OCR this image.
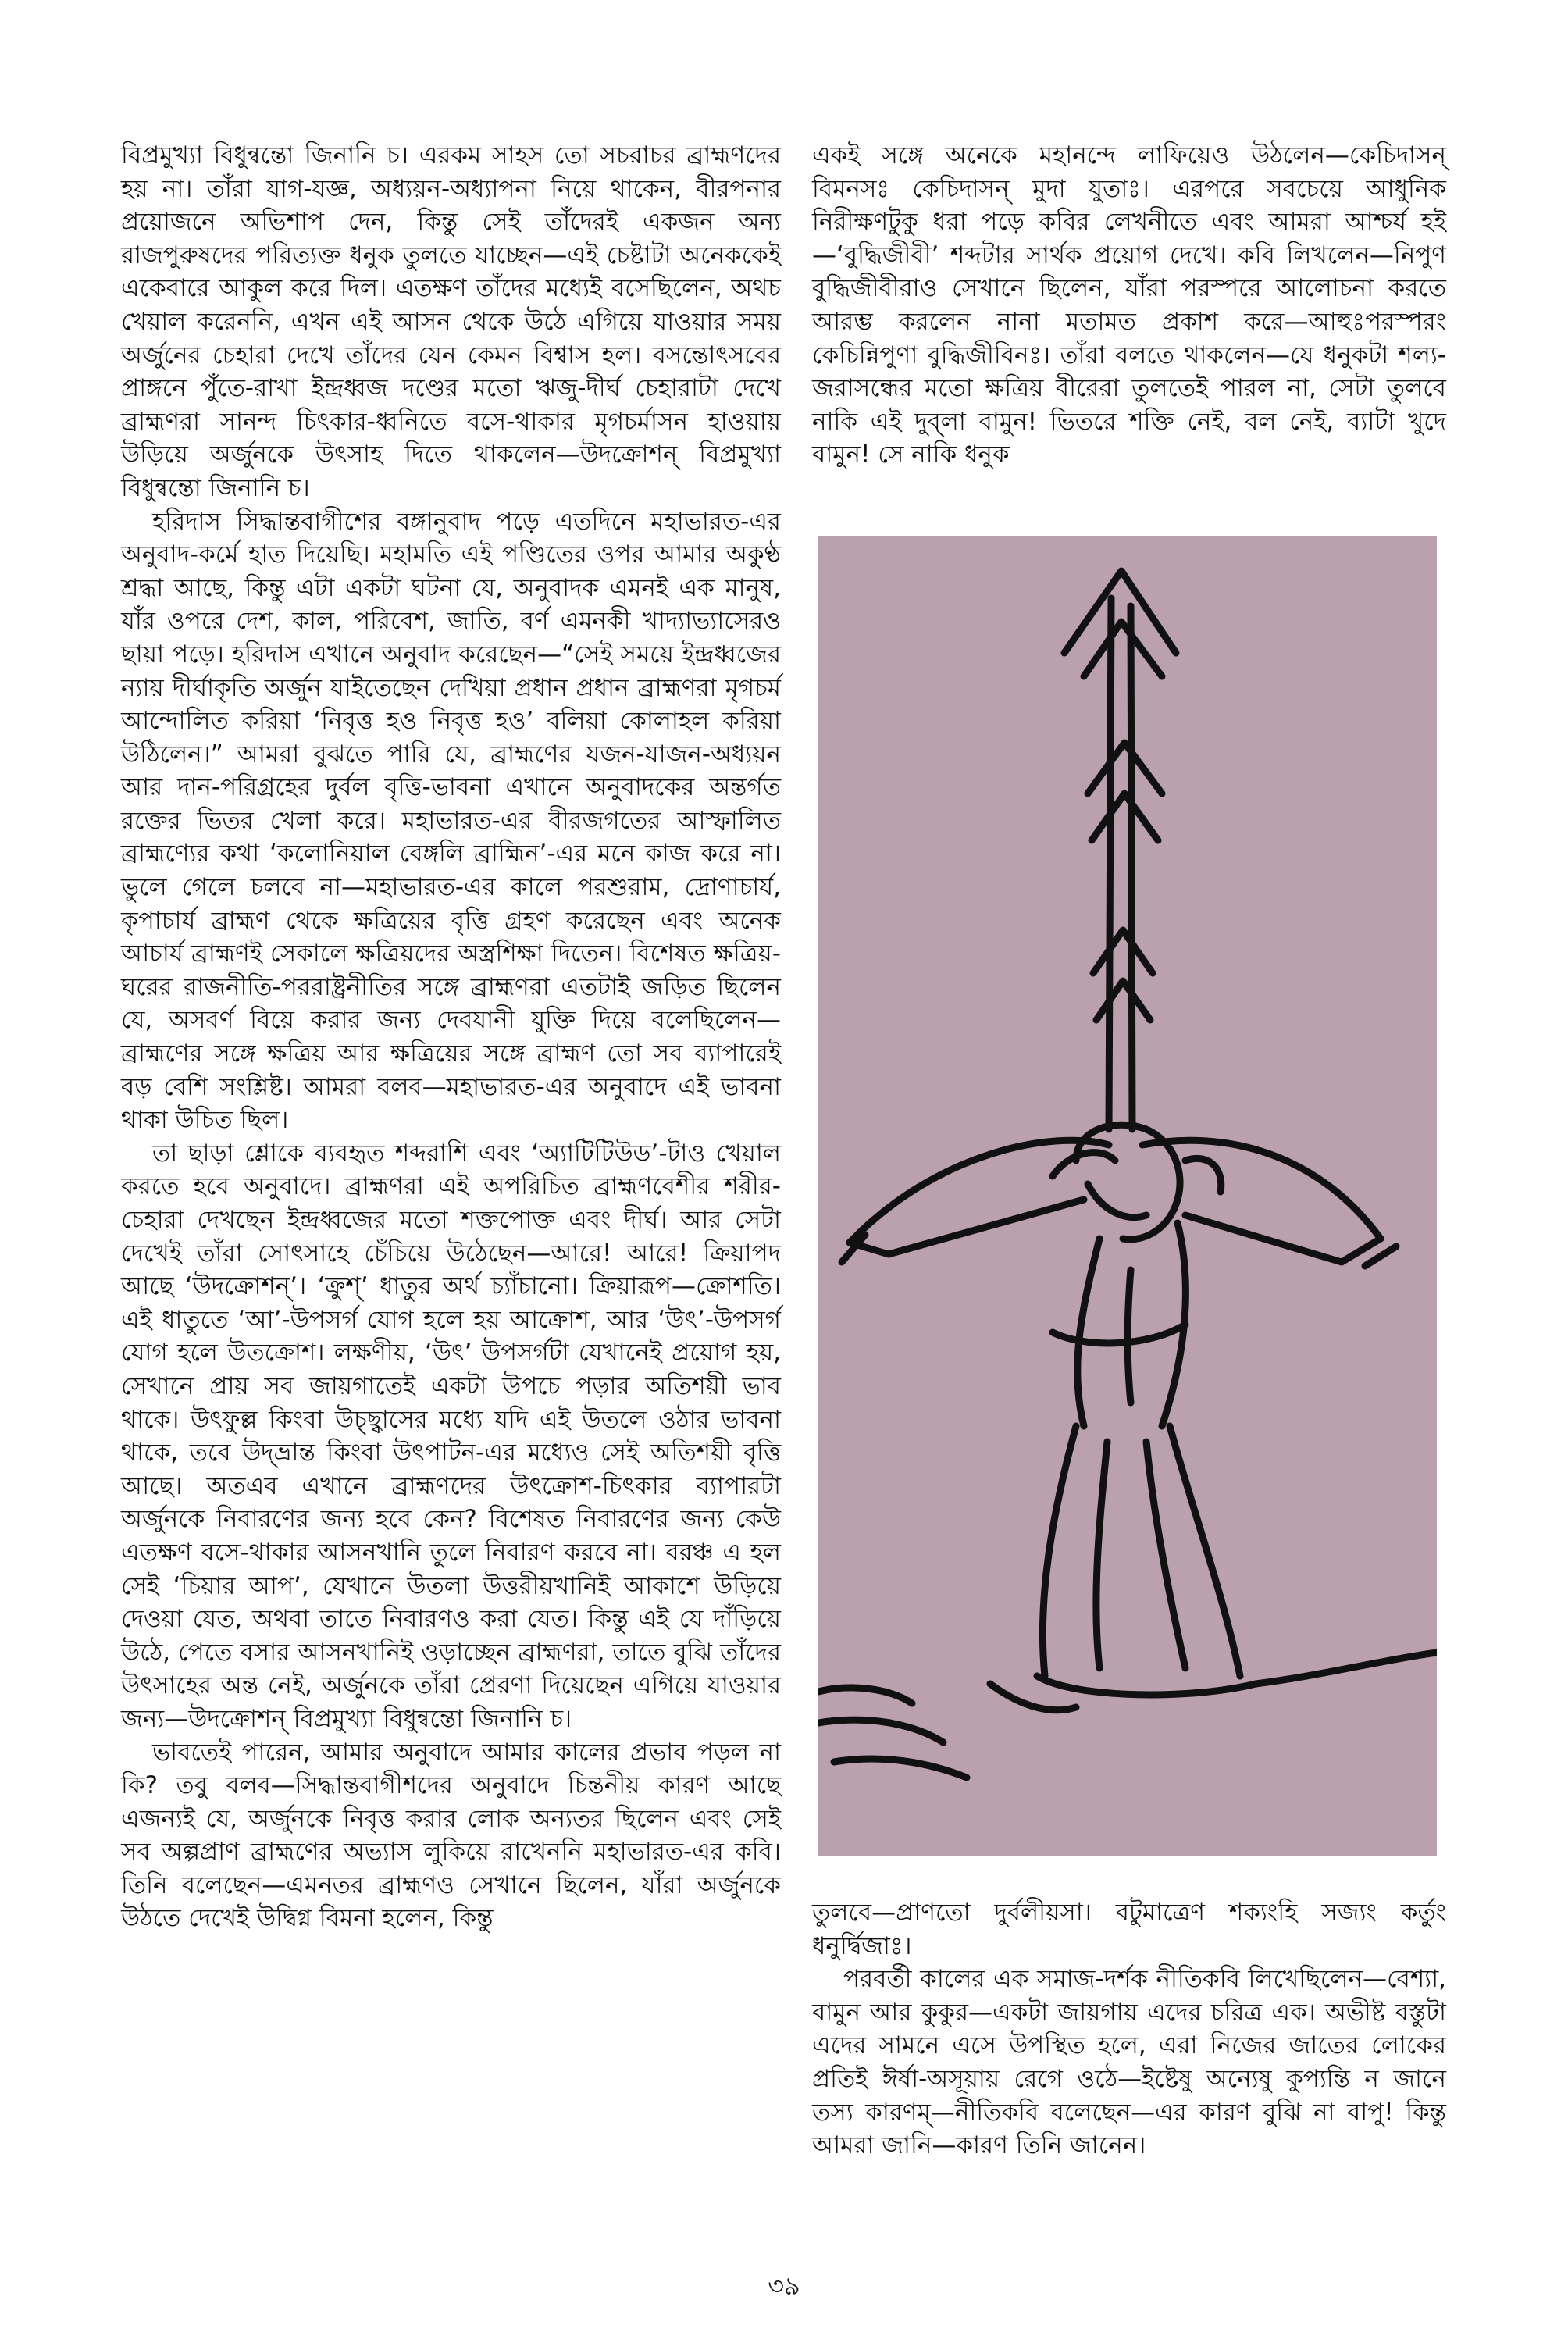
বিপ্রমুখ্যা বিধুন্বন্তো জিনানি চ। এরকম সাহস তো সচরাচর ব্রাহ্মণদের হয় না। তাঁরা যাগ-যজ্ঞ, অধ্যয়ন-অধ্যাপনা নিয়ে থাকেন, বীরপনার প্রয়োজনে অভিশাপ দেন, কিন্তু সেই তাঁদেরই একজন অন্য রাজপুরুষদের পরিত্যক্ত ধনুক তুলতে যাচ্ছেন—এই চেষ্টাটা অনেককেই একেবারে আকুল করে দিল। এতক্ষণ তাঁদের মধ্যেই বসেছিলেন, অথচ খেয়াল করেননি, এখন এই আসন থেকে উঠে এগিয়ে যাওয়ার সময় অর্জুনের চেহারা দেখে তাঁদের যেন কেমন বিশ্বাস হল। বসন্তোৎসবের প্রাঙ্গনে পুঁতে-রাখা ইন্দ্রধ্বজ দণ্ডের মতো ঋজু-দীর্ঘ চেহারাটা দেখে ব্রাহ্মণরা সানন্দ চিৎকার-ধ্বনিতে বসে-থাকার মৃগচর্মাসন হাওয়ায় উড়িয়ে অর্জুনকে উৎসাহ দিতে থাকলেন—উদক্রোশন্ বিপ্রমুখ্যা বিধুন্বন্তো জিনানি চ।

হরিদাস সিদ্ধান্তবাগীশের বঙ্গানুবাদ পড়ে এতদিনে মহাভারত-এর অনুবাদ-কর্মে হাত দিয়েছি। মহামতি এই পণ্ডিতের ওপর আমার অকুণ্ঠ শ্রদ্ধা আছে, কিন্তু এটা একটা ঘটনা যে, অনুবাদক এমনই এক মানুষ, যাঁর ওপরে দেশ, কাল, পরিবেশ, জাতি, বর্ণ এমনকী খাদ্যাভ্যাসেরও ছায়া পড়ে। হরিদাস এখানে অনুবাদ করেছেন—“সেই সময়ে ইন্দ্রধ্বজের ন্যায় দীর্ঘাকৃতি অর্জুন যাইতেছেন দেখিয়া প্রধান প্রধান ব্রাহ্মণরা মৃগচর্ম আন্দোলিত করিয়া ‘নিবৃত্ত হও নিবৃত্ত হও’ বলিয়া কোলাহল করিয়া উঠিলেন।” আমরা বুঝতে পারি যে, ব্রাহ্মণের যজন-যাজন-অধ্যয়ন আর দান-পরিগ্রহের দুর্বল বৃত্তি-ভাবনা এখানে অনুবাদকের অন্তর্গত রক্তের ভিতর খেলা করে। মহাভারত-এর বীরজগতের আস্ফালিত ব্রাহ্মণ্যের কথা ‘কলোনিয়াল বেঙ্গলি ব্রাহ্মিন’-এর মনে কাজ করে না। ভুলে গেলে চলবে না—মহাভারত-এর কালে পরশুরাম, দ্রোণাচার্য, কৃপাচার্য ব্রাহ্মণ থেকে ক্ষত্রিয়ের বৃত্তি গ্রহণ করেছেন এবং অনেক আচার্য ব্রাহ্মণই সেকালে ক্ষত্রিয়দের অস্ত্রশিক্ষা দিতেন। বিশেষত ক্ষত্রিয়-ঘরের রাজনীতি-পররাষ্ট্রনীতির সঙ্গে ব্রাহ্মণরা এতটাই জড়িত ছিলেন যে, অসবর্ণ বিয়ে করার জন্য দেবযানী যুক্তি দিয়ে বলেছিলেন—ব্রাহ্মণের সঙ্গে ক্ষত্রিয় আর ক্ষত্রিয়ের সঙ্গে ব্রাহ্মণ তো সব ব্যাপারেই বড় বেশি সংশ্লিষ্ট। আমরা বলব—মহাভারত-এর অনুবাদে এই ভাবনা থাকা উচিত ছিল।

তা ছাড়া শ্লোকে ব্যবহৃত শব্দরাশি এবং ‘অ্যাটিটিউড’-টাও খেয়াল করতে হবে অনুবাদে। ব্রাহ্মণরা এই অপরিচিত ব্রাহ্মণবেশীর শরীর-চেহারা দেখছেন ইন্দ্রধ্বজের মতো শক্তপোক্ত এবং দীর্ঘ। আর সেটা দেখেই তাঁরা সোৎসাহে চেঁচিয়ে উঠেছেন—আরে! আরে! ক্রিয়াপদ আছে ‘উদক্রোশন্’। ‘ক্রুশ্’ ধাতুর অর্থ চ্যাঁচানো। ক্রিয়ারূপ—ক্রোশতি। এই ধাতুতে ‘আ’-উপসর্গ যোগ হলে হয় আক্রোশ, আর ‘উৎ’-উপসর্গ যোগ হলে উতক্রোশ। লক্ষণীয়, ‘উৎ’ উপসর্গটা যেখানেই প্রয়োগ হয়, সেখানে প্রায় সব জায়গাতেই একটা উপচে পড়ার অতিশয়ী ভাব থাকে। উৎফুল্ল কিংবা উচ্ছ্বাসের মধ্যে যদি এই উতলে ওঠার ভাবনা থাকে, তবে উদ্‌ভ্রান্ত কিংবা উৎপাটন-এর মধ্যেও সেই অতিশয়ী বৃত্তি আছে। অতএব এখানে ব্রাহ্মণদের উৎক্রোশ-চিৎকার ব্যাপারটা অর্জুনকে নিবারণের জন্য হবে কেন? বিশেষত নিবারণের জন্য কেউ এতক্ষণ বসে-থাকার আসনখানি তুলে নিবারণ করবে না। বরঞ্চ এ হল সেই ‘চিয়ার আপ’, যেখানে উতলা উত্তরীয়খানিই আকাশে উড়িয়ে দেওয়া যেত, অথবা তাতে নিবারণও করা যেত। কিন্তু এই যে দাঁড়িয়ে উঠে, পেতে বসার আসনখানিই ওড়াচ্ছেন ব্রাহ্মণরা, তাতে বুঝি তাঁদের উৎসাহের অন্ত নেই, অর্জুনকে তাঁরা প্রেরণা দিয়েছেন এগিয়ে যাওয়ার জন্য—উদক্রোশন্ বিপ্রমুখ্যা বিধুন্বন্তো জিনানি চ।

ভাবতেই পারেন, আমার অনুবাদে আমার কালের প্রভাব পড়ল না কি? তবু বলব—সিদ্ধান্তবাগীশদের অনুবাদে চিন্তনীয় কারণ আছে এজন্যই যে, অর্জুনকে নিবৃত্ত করার লোক অন্যতর ছিলেন এবং সেই সব অল্পপ্রাণ ব্রাহ্মণের অভ্যাস লুকিয়ে রাখেননি মহাভারত-এর কবি। তিনি বলেছেন—এমনতর ব্রাহ্মণও সেখানে ছিলেন, যাঁরা অর্জুনকে উঠতে দেখেই উদ্বিগ্ন বিমনা হলেন, কিন্তু

একই সঙ্গে অনেকে মহানন্দে লাফিয়েও উঠলেন—কেচিদাসন্ বিমনসঃ কেচিদাসন্ মুদা যুতাঃ। এরপরে সবচেয়ে আধুনিক নিরীক্ষণটুকু ধরা পড়ে কবির লেখনীতে এবং আমরা আশ্চর্য হই—‘বুদ্ধিজীবী’ শব্দটার সার্থক প্রয়োগ দেখে। কবি লিখলেন—নিপুণ বুদ্ধিজীবীরাও সেখানে ছিলেন, যাঁরা পরস্পরে আলোচনা করতে আরম্ভ করলেন নানা মতামত প্রকাশ করে—আহুঃপরস্পরং কেচিন্নিপুণা বুদ্ধিজীবিনঃ। তাঁরা বলতে থাকলেন—যে ধনুকটা শল্য-জরাসন্ধের মতো ক্ষত্রিয় বীরেরা তুলতেই পারল না, সেটা তুলবে নাকি এই দুব্‌লা বামুন! ভিতরে শক্তি নেই, বল নেই, ব্যাটা খুদে বামুন! সে নাকি ধনুক

তুলবে—প্রাণতো দুর্বলীয়সা। বটুমাত্রেণ শক্যংহি সজ্যং কর্তুং ধনুর্দ্বিজাঃ।

পরবর্তী কালের এক সমাজ-দর্শক নীতিকবি লিখেছিলেন—বেশ্যা, বামুন আর কুকুর—একটা জায়গায় এদের চরিত্র এক। অভীষ্ট বস্তুটা এদের সামনে এসে উপস্থিত হলে, এরা নিজের জাতের লোকের প্রতিই ঈর্ষা-অসূয়ায় রেগে ওঠে—ইষ্টেষু অন্যেষু কুপ্যন্তি ন জানে তস্য কারণম্—নীতিকবি বলেছেন—এর কারণ বুঝি না বাপু! কিন্তু আমরা জানি—কারণ তিনি জানেন।

৩৯
